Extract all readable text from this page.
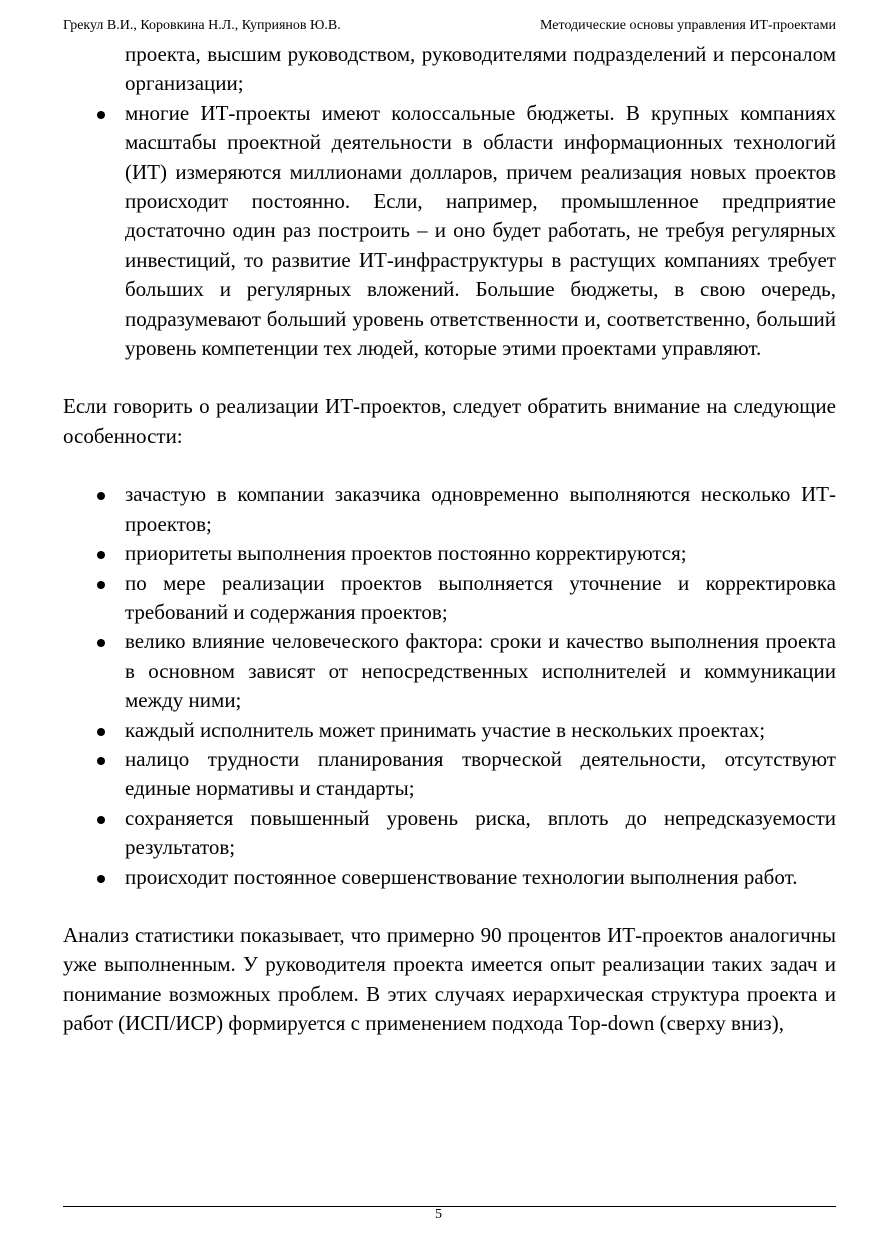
Грекул В.И., Коровкина Н.Л., Куприянов Ю.В.	Методические основы управления ИТ-проектами
проекта, высшим руководством, руководителями подразделений и персоналом организации;
многие ИТ-проекты имеют колоссальные бюджеты. В крупных компаниях масштабы проектной деятельности в области информационных технологий (ИТ) измеряются миллионами долларов, причем реализация новых проектов происходит постоянно. Если, например, промышленное предприятие достаточно один раз построить – и оно будет работать, не требуя регулярных инвестиций, то развитие ИТ-инфраструктуры в растущих компаниях требует больших и регулярных вложений. Большие бюджеты, в свою очередь, подразумевают больший уровень ответственности и, соответственно, больший уровень компетенции тех людей, которые этими проектами управляют.

Если говорить о реализации ИТ-проектов, следует обратить внимание на следующие особенности:

зачастую в компании заказчика одновременно выполняются несколько ИТ-проектов;
приоритеты выполнения проектов постоянно корректируются;
по мере реализации проектов выполняется уточнение и корректировка требований и содержания проектов;
велико влияние человеческого фактора: сроки и качество выполнения проекта в основном зависят от непосредственных исполнителей и коммуникации между ними;
каждый исполнитель может принимать участие в нескольких проектах;
налицо трудности планирования творческой деятельности, отсутствуют единые нормативы и стандарты;
сохраняется повышенный уровень риска, вплоть до непредсказуемости результатов;
происходит постоянное совершенствование технологии выполнения работ.

Анализ статистики показывает, что примерно 90 процентов ИТ-проектов аналогичны уже выполненным. У руководителя проекта имеется опыт реализации таких задач и понимание возможных проблем. В этих случаях иерархическая структура проекта и работ (ИСП/ИСР) формируется с применением подхода Top-down (сверху вниз),

5
